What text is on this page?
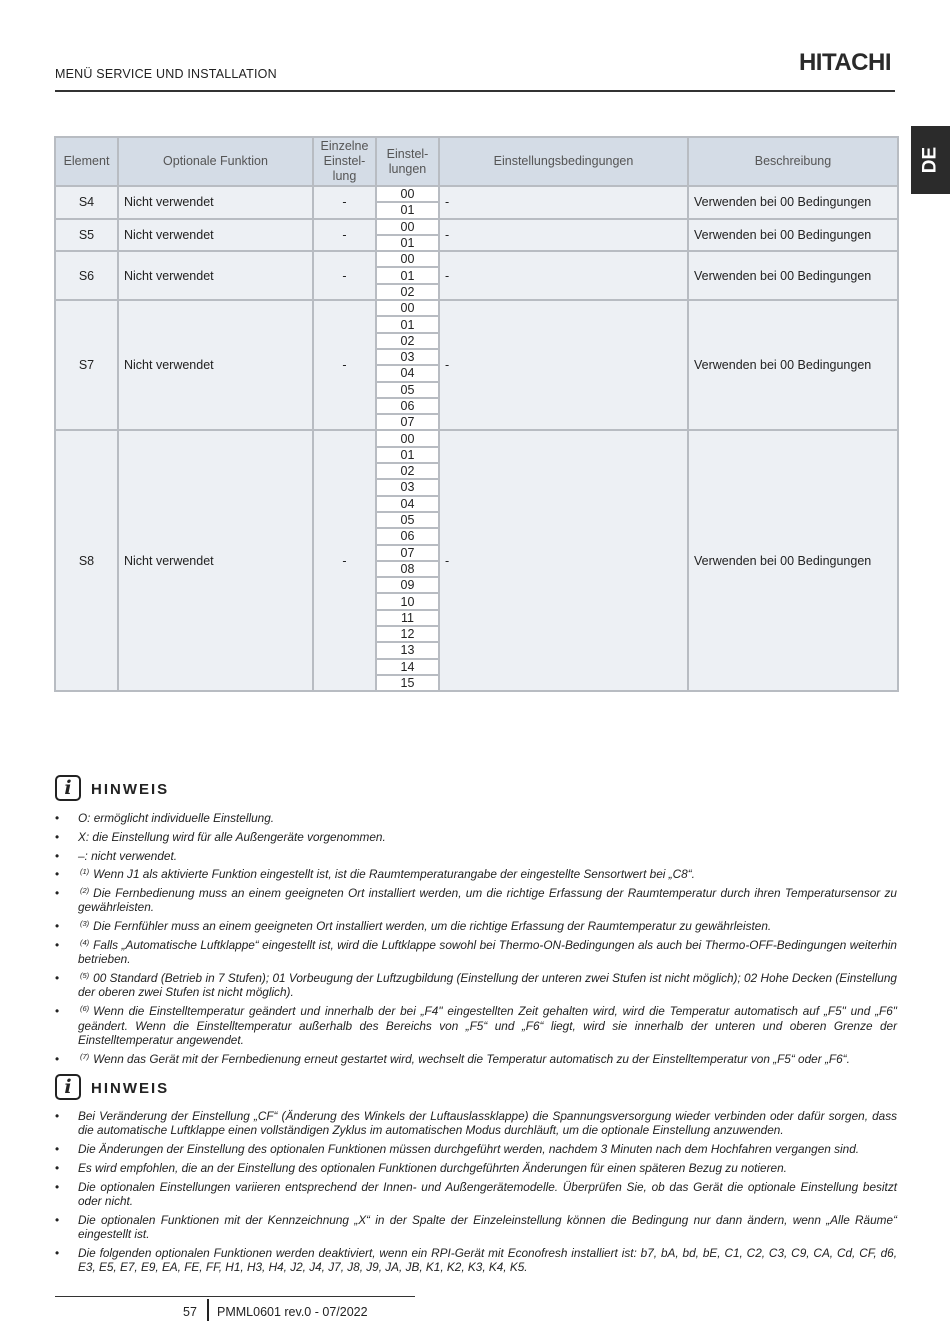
MENÜ SERVICE UND INSTALLATION	HITACHI
DE
Element	Optionale Funktion	Einzelne Einstel-lung	Einstel-lungen	Einstellungsbedingungen	Beschreibung
S4	Nicht verwendet	-	00	-	Verwenden bei 00 Bedingungen
			01		
S5	Nicht verwendet	-	00	-	Verwenden bei 00 Bedingungen
			01		
S6	Nicht verwendet	-	00	-	Verwenden bei 00 Bedingungen
			01		
			02		
S7	Nicht verwendet	-	00	-	Verwenden bei 00 Bedingungen
			01		
			02		
			03		
			04		
			05		
			06		
			07		
S8	Nicht verwendet	-	00	-	Verwenden bei 00 Bedingungen
			01		
			02		
			03		
			04		
			05		
			06		
			07		
			08		
			09		
			10		
			11		
			12		
			13		
			14		
			15		
i	HINWEIS
• O: ermöglicht individuelle Einstellung.
• X: die Einstellung wird für alle Außengeräte vorgenommen.
• –: nicht verwendet.
• $^{(1)}$ Wenn J1 als aktivierte Funktion eingestellt ist, ist die Raumtemperaturangabe der eingestellte Sensortwert bei „C8“.
• $^{(2)}$ Die Fernbedienung muss an einem geeigneten Ort installiert werden, um die richtige Erfassung der Raumtemperatur durch ihren Temperatursensor zu gewährleisten.
• $^{(3)}$ Die Fernfühler muss an einem geeigneten Ort installiert werden, um die richtige Erfassung der Raumtemperatur zu gewährleisten.
• $^{(4)}$ Falls „Automatische Luftklappe“ eingestellt ist, wird die Luftklappe sowohl bei Thermo-ON-Bedingungen als auch bei Thermo-OFF-Bedingungen weiterhin betrieben.
• $^{(5)}$ 00 Standard (Betrieb in 7 Stufen); 01 Vorbeugung der Luftzugbildung (Einstellung der unteren zwei Stufen ist nicht möglich); 02 Hohe Decken (Einstellung der oberen zwei Stufen ist nicht möglich).
• $^{(6)}$ Wenn die Einstelltemperatur geändert und innerhalb der bei „F4" eingestellten Zeit gehalten wird, wird die Temperatur automatisch auf „F5" und „F6" geändert. Wenn die Einstelltemperatur außerhalb des Bereichs von „F5“ und „F6“ liegt, wird sie innerhalb der unteren und oberen Grenze der Einstelltemperatur angewendet.
• $^{(7)}$ Wenn das Gerät mit der Fernbedienung erneut gestartet wird, wechselt die Temperatur automatisch zu der Einstelltemperatur von „F5“ oder „F6“.
i	HINWEIS
• Bei Veränderung der Einstellung „CF“ (Änderung des Winkels der Luftauslassklappe) die Spannungsversorgung wieder verbinden oder dafür sorgen, dass die automatische Luftklappe einen vollständigen Zyklus im automatischen Modus durchläuft, um die optionale Einstellung anzuwenden.
• Die Änderungen der Einstellung des optionalen Funktionen müssen durchgeführt werden, nachdem 3 Minuten nach dem Hochfahren vergangen sind.
• Es wird empfohlen, die an der Einstellung des optionalen Funktionen durchgeführten Änderungen für einen späteren Bezug zu notieren.
• Die optionalen Einstellungen variieren entsprechend der Innen- und Außengerätemodelle. Überprüfen Sie, ob das Gerät die optionale Einstellung besitzt oder nicht.
• Die optionalen Funktionen mit der Kennzeichnung „X“ in der Spalte der Einzeleinstellung können die Bedingung nur dann ändern, wenn „Alle Räume“ eingestellt ist.
• Die folgenden optionalen Funktionen werden deaktiviert, wenn ein RPI-Gerät mit Econofresh installiert ist: b7, bA, bd, bE, C1, C2, C3, C9, CA, Cd, CF, d6, E3, E5, E7, E9, EA, FE, FF, H1, H3, H4, J2, J4, J7, J8, J9, JA, JB, K1, K2, K3, K4, K5.
57 PMML0601 rev.0 - 07/2022
